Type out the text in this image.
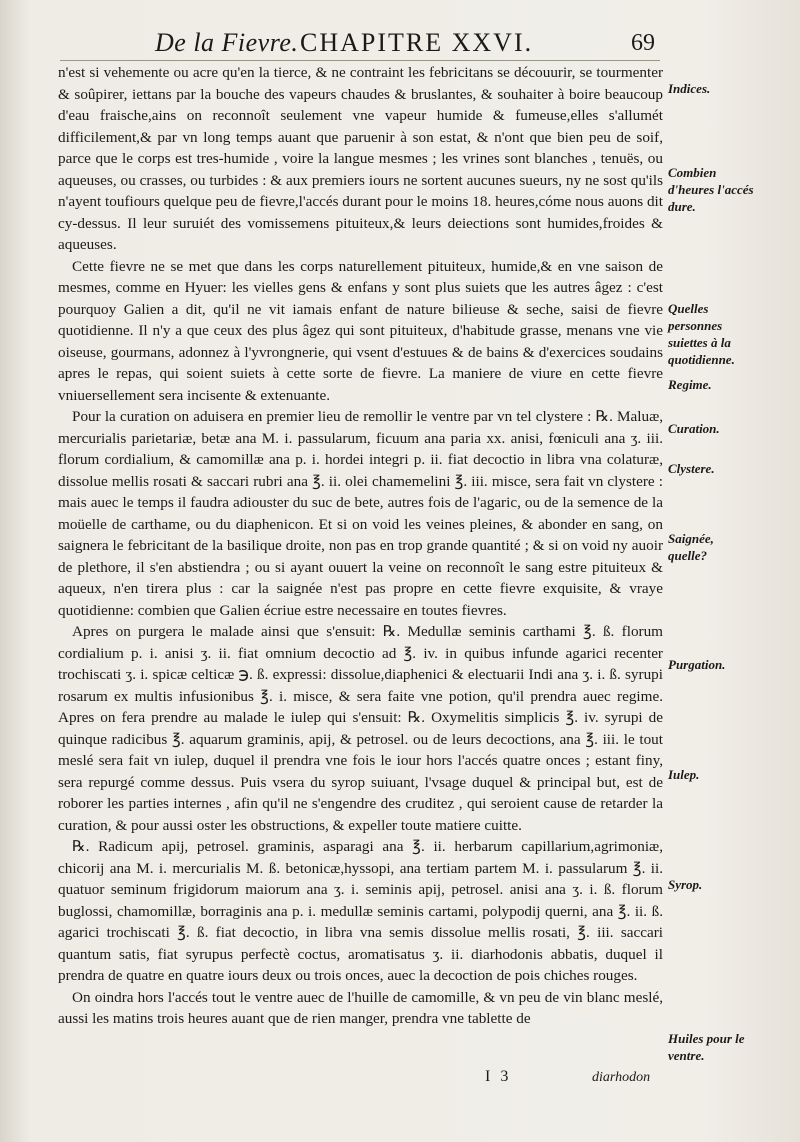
De la Fievre. CHAPITRE XXVI.	69

n'est si vehemente ou acre qu'en la tierce, & ne contraint les febricitans se découurir, se tourmenter & soûpirer, iettans par la bouche des vapeurs chaudes & bruslantes, & souhaiter à boire beaucoup d'eau fraische,ains on reconnoît seulement vne vapeur humide & fumeuse,elles s'allumét difficilement,& par vn long temps auant que paruenir à son estat, & n'ont que bien peu de soif, parce que le corps est tres-humide , voire la langue mesmes ; les vrines sont blanches , tenuës, ou aqueuses, ou crasses, ou turbides : & aux premiers iours ne sortent aucunes sueurs, ny ne sost qu'ils n'ayent toufiours quelque peu de fievre,l'accés durant pour le moins 18. heures,cóme nous auons dit cy-dessus. Il leur suruiét des vomissemens pituiteux,& leurs deiections sont humides,froides & aqueuses.

Cette fievre ne se met que dans les corps naturellement pituiteux, humide,& en vne saison de mesmes, comme en Hyuer: les vielles gens & enfans y sont plus suiets que les autres âgez : c'est pourquoy Galien a dit, qu'il ne vit iamais enfant de nature bilieuse & seche, saisi de fievre quotidienne. Il n'y a que ceux des plus âgez qui sont pituiteux, d'habitude grasse, menans vne vie oiseuse, gourmans, adonnez à l'yvrongnerie, qui vsent d'estuues & de bains & d'exercices soudains apres le repas, qui soient suiets à cette sorte de fievre. La maniere de viure en cette fievre vniuersellement sera incisente & extenuante.

Pour la curation on aduisera en premier lieu de remollir le ventre par vn tel clystere : ℞. Maluæ, mercurialis parietariæ, betæ ana M. i. passularum, ficuum ana paria xx. anisi, fœniculi ana ʒ. iii. florum cordialium, & camomillæ ana p. i. hordei integri p. ii. fiat decoctio in libra vna colaturæ, dissolue mellis rosati & saccari rubri ana ℥. ii. olei chamemelini ℥. iii. misce, sera fait vn clystere : mais auec le temps il faudra adiouster du suc de bete, autres fois de l'agaric, ou de la semence de la moüelle de carthame, ou du diaphenicon. Et si on void les veines pleines, & abonder en sang, on saignera le febricitant de la basilique droite, non pas en trop grande quantité ; & si on void ny auoir de plethore, il s'en abstiendra ; ou si ayant ouuert la veine on reconnoît le sang estre pituiteux & aqueux, n'en tirera plus : car la saignée n'est pas propre en cette fievre exquisite, & vraye quotidienne: combien que Galien écriue estre necessaire en toutes fievres.

Apres on purgera le malade ainsi que s'ensuit: ℞. Medullæ seminis carthami ℥. ß. florum cordialium p. i. anisi ʒ. ii. fiat omnium decoctio ad ℥. iv. in quibus infunde agarici recenter trochiscati ʒ. i. spicæ celticæ ℈. ß. expressi: dissolue,diaphenici & electuarii Indi ana ʒ. i. ß. syrupi rosarum ex multis infusionibus ℥. i. misce, & sera faite vne potion, qu'il prendra auec regime. Apres on fera prendre au malade le iulep qui s'ensuit: ℞. Oxymelitis simplicis ℥. iv. syrupi de quinque radicibus ℥. aquarum graminis, apij, & petrosel. ou de leurs decoctions, ana ℥. iii. le tout meslé sera fait vn iulep, duquel il prendra vne fois le iour hors l'accés quatre onces ; estant finy, sera repurgé comme dessus. Puis vsera du syrop suiuant, l'vsage duquel & principal but, est de roborer les parties internes , afin qu'il ne s'engendre des cruditez , qui seroient cause de retarder la curation, & pour aussi oster les obstructions, & expeller toute matiere cuitte.

℞. Radicum apij, petrosel. graminis, asparagi ana ℥. ii. herbarum capillarium,agrimoniæ, chicorij ana M. i. mercurialis M. ß. betonicæ,hyssopi, ana tertiam partem M. i. passularum ℥. ii. quatuor seminum frigidorum maiorum ana ʒ. i. seminis apij, petrosel. anisi ana ʒ. i. ß. florum buglossi, chamomillæ, borraginis ana p. i. medullæ seminis cartami, polypodij querni, ana ℥. ii. ß. agarici trochiscati ℥. ß. fiat decoctio, in libra vna semis dissolue mellis rosati, ℥. iii. saccari quantum satis, fiat syrupus perfectè coctus, aromatisatus ʒ. ii. diarhodonis abbatis, duquel il prendra de quatre en quatre iours deux ou trois onces, auec la decoction de pois chiches rouges.

On oindra hors l'accés tout le ventre auec de l'huille de camomille, & vn peu de vin blanc meslé, aussi les matins trois heures auant que de rien manger, prendra vne tablette de

Indices.
Combien d'heures l'accés dure.
Quelles personnes suiettes à la quotidienne.
Regime.
Curation.
Clystere.
Saignée, quelle?
Purgation.
Iulep.
Syrop.
Huiles pour le ventre.
I 3	diarhodon
